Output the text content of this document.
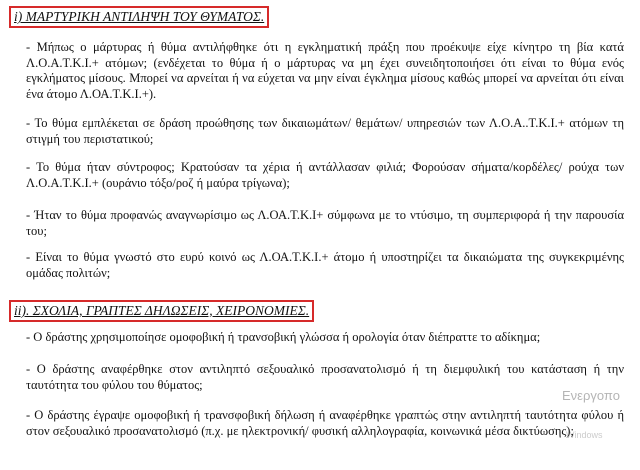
i) ΜΑΡΤΥΡΙΚΗ ΑΝΤΙΛΗΨΗ ΤΟΥ ΘΥΜΑΤΟΣ.
- Μήπως ο μάρτυρας ή θύμα αντιλήφθηκε ότι η εγκληματική πράξη που προέκυψε είχε κίνητρο τη βία κατά Λ.Ο.Α.Τ.Κ.Ι.+ ατόμων; (ενδέχεται το θύμα ή ο μάρτυρας να μη έχει συνειδητοποιήσει ότι είναι το θύμα ενός εγκλήματος μίσους. Μπορεί να αρνείται ή να εύχεται να μην είναι έγκλημα μίσους καθώς μπορεί να αρνείται ότι είναι ένα άτομο Λ.ΟΑ.Τ.Κ.Ι.+).
- Το θύμα εμπλέκεται σε δράση προώθησης των δικαιωμάτων/ θεμάτων/ υπηρεσιών των Λ.Ο.Α..Τ.Κ.Ι.+ ατόμων τη στιγμή του περιστατικού;
- Το θύμα ήταν σύντροφος; Κρατούσαν τα χέρια ή αντάλλασαν φιλιά; Φορούσαν σήματα/κορδέλες/ ρούχα των Λ.Ο.Α.Τ.Κ.Ι.+ (ουράνιο τόξο/ροζ ή μαύρα τρίγωνα);
- Ήταν το θύμα προφανώς αναγνωρίσιμο ως Λ.ΟΑ.Τ.Κ.Ι+ σύμφωνα με το ντύσιμο, τη συμπεριφορά ή την παρουσία του;
- Είναι το θύμα γνωστό στο ευρύ κοινό ως Λ.ΟΑ.Τ.Κ.Ι.+ άτομο ή υποστηρίζει τα δικαιώματα της συγκεκριμένης ομάδας πολιτών;
ii). ΣΧΟΛΙΑ, ΓΡΑΠΤΕΣ ΔΗΛΩΣΕΙΣ, ΧΕΙΡΟΝΟΜΙΕΣ.
- Ο δράστης χρησιμοποίησε ομοφοβική ή τρανσοβική γλώσσα ή ορολογία όταν διέπραττε το αδίκημα;
- Ο δράστης αναφέρθηκε στον αντιληπτό σεξουαλικό προσανατολισμό ή τη διεμφυλική του κατάσταση ή την ταυτότητα του φύλου του θύματος;
- Ο δράστης έγραψε ομοφοβική ή τρανσφοβική δήλωση ή αναφέρθηκε γραπτώς στην αντιληπτή ταυτότητα φύλου ή στον σεξουαλικό προσανατολισμό (π.χ. με ηλεκτρονική/ φυσική αλληλογραφία, κοινωνικά μέσα δικτύωσης);
Ενεργοπο
Windows
